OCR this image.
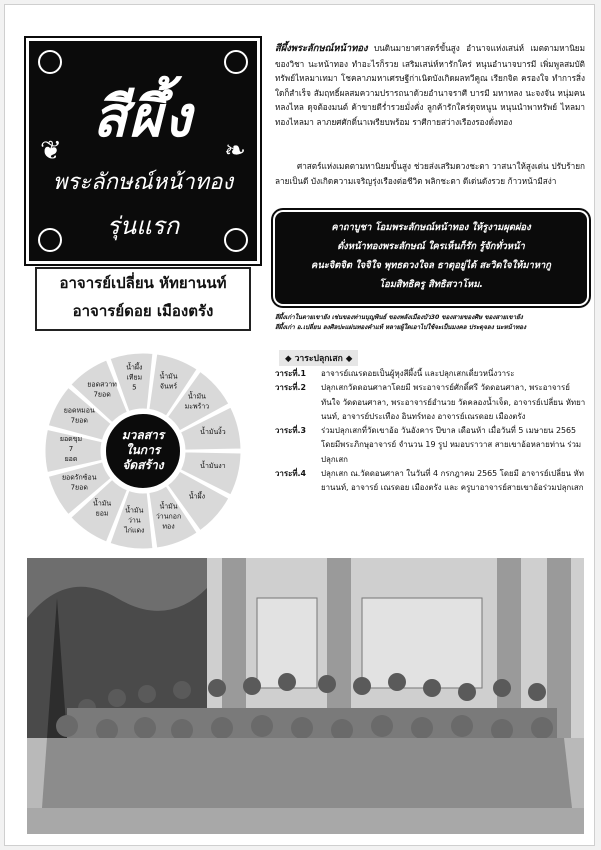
สีผึ้ง
❦	❧
พระลักษณ์หน้าทอง
รุ่นแรก
อาจารย์เปลี่ยน หัทยานนท์
อาจารย์ดอย เมืองตรัง
น้ำมันจันทร์
น้ำมันมะพร้าว
น้ำมันงิ้ว
น้ำมันงา
น้ำผึ้ง
น้ำมันว่านกอกทอง
น้ำมันว่านไก่แดง
น้ำมันยอม
ยอดรักซ้อน 7ยอด
ยอดขุม 7 ยอด
ยอดหมอน 7ยอด
ยอดสวาท 7ยอด
น้ำผึ้งเทียม 5
มวลสาร
ในการ
จัดสร้าง
สีผึ้งพระลักษณ์หน้าทอง บนดินมายาศาสตร์ขั้นสูง อำนาจแห่งเสน่ห์ เมตตามหานิยม ของวิชา นะหน้าทอง ทำอะไรก็รวย เสริมเสน่ห์หารักใคร่ หนุนอำนาจบารมี เพิ่มพูลสมบัติทรัพย์ไหลมาเทมา โชคลาภมหาเศรษฐีก่าเนิดบังเกิดผลทวีคูณ เรียกจิต ครองใจ ทำการสิ่งใดก็สำเร็จ สัมฤทธิ์ผลสมความปรารถนาด้วยอำนาจราศี บารมี มหาหลง นะจงจัน หนุ่มคนหลงไหล ดุจต้องมนต์ ค้าขายดีร่ำรวยมั่งคั่ง ลูกค้ารักใคร่ดุจหนูน หนุนนำพาทรัพย์ ไหลมา ทองไหลมา ลาภยศศักดิ์นาเพรียบพร้อม ราศีกายสว่างเรืองรองดั่งทอง
ศาสตร์แห่งเมตตามหานิยมขั้นสูง ช่วยส่งเสริมดวงชะตา วาสนาให้สูงเด่น ปรับร้ายกลายเป็นดี บังเกิดความเจริญรุ่งเรืองต่อชีวิต พลิกชะตา ดีเด่นดังรวย ก้าวหน้ามีสง่า
คาถาบูชา โอมพระลักษณ์หน้าทอง ให้รูงามผุดผ่อง
ดั่งหน้าทองพระลักษณ์ ใครเห็นก็รัก รู้จักทั่วหน้า
คนะจิตจิต ใจจิใจ พุทธดวงใจล ธาตุอยู่ได้ สะวิดใจให้มาหากู
โอมสิทธิครู สิทธิสวาโหม.
สีผึ้งเก่าในตายเขายัง เช่นของท่านบุญพินธ์ ของพลังเมืองบัว30 ของสายของศิษ ของสายเขายัง
สีผึ้งเก่า อ.เปลี่ยน ลงศิลปะแผ่นทองคำแท้ หลายผู้ใดเอาไปใช้จะเป็นมงคล ประดุจลง นะหน้าทอง
◆ วาระปลุกเสก ◆
วาระที่.1	อาจารย์เณรดอยเป็นผู้หุงสีผึ้งนี้ และปลุกเสกเดี่ยวหนึ่งวาระ
วาระที่.2	ปลุกเสกวัดดอนศาลาโดยมี พระอาจารย์ศักดิ์ศรี วัดดอนศาลา, พระอาจารย์ทันใจ วัดดอนศาลา, พระอาจารย์อำนวย วัดคลองน้ำเจ็ด, อาจารย์เปลี่ยน หัทยานนท์, อาจารย์ประเทือง อินทร์ทอง อาจารย์เณรดอย เมืองตรัง
วาระที่.3	ร่วมปลุกเสกที่วัดเขาอ้อ วันอังคาร ปีขาล เดือนห้า เมื่อวันที่ 5 เมษายน 2565 โดยมีพระภิกษุอาจารย์ จำนวน 19 รูป หมอบราวาส สายเขาอ้อหลายท่าน ร่วมปลุกเสก
วาระที่.4	ปลุกเสก ณ.วัดดอนศาลา ในวันที่ 4 กรกฎาคม 2565 โดยมี อาจารย์เปลี่ยน หัทยานนท์, อาจารย์ เณรดอย เมืองตรัง และ ครูบาอาจารย์สายเขาอ้อร่วมปลุกเสก
